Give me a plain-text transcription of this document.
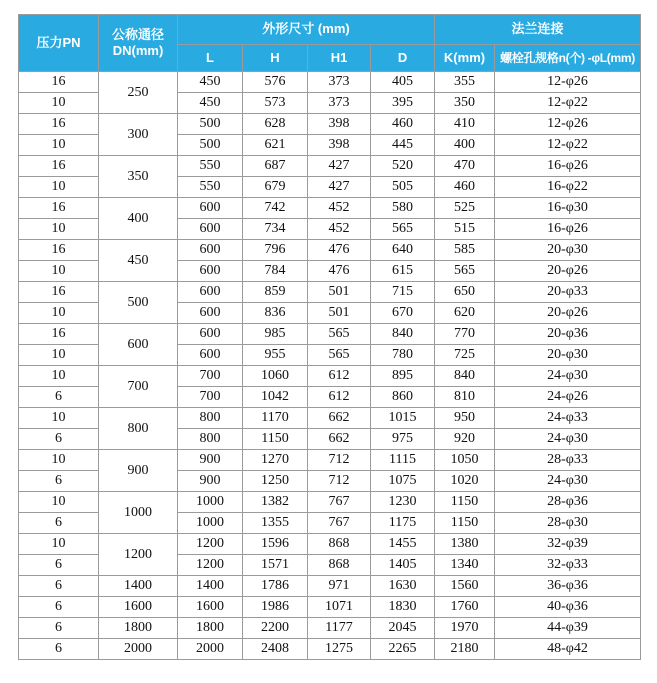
压力PN	公称通径
DN(mm)	外形尺寸 (mm)				法兰连接	
		L	H	H1	D	K(mm)	螺栓孔规格n(个) -φL(mm)
16	250	450	576	373	405	355	12-φ26
10		450	573	373	395	350	12-φ22
16	300	500	628	398	460	410	12-φ26
10		500	621	398	445	400	12-φ22
16	350	550	687	427	520	470	16-φ26
10		550	679	427	505	460	16-φ22
16	400	600	742	452	580	525	16-φ30
10		600	734	452	565	515	16-φ26
16	450	600	796	476	640	585	20-φ30
10		600	784	476	615	565	20-φ26
16	500	600	859	501	715	650	20-φ33
10		600	836	501	670	620	20-φ26
16	600	600	985	565	840	770	20-φ36
10		600	955	565	780	725	20-φ30
10	700	700	1060	612	895	840	24-φ30
6		700	1042	612	860	810	24-φ26
10	800	800	1170	662	1015	950	24-φ33
6		800	1150	662	975	920	24-φ30
10	900	900	1270	712	1115	1050	28-φ33
6		900	1250	712	1075	1020	24-φ30
10	1000	1000	1382	767	1230	1150	28-φ36
6		1000	1355	767	1175	1150	28-φ30
10	1200	1200	1596	868	1455	1380	32-φ39
6		1200	1571	868	1405	1340	32-φ33
6	1400	1400	1786	971	1630	1560	36-φ36
6	1600	1600	1986	1071	1830	1760	40-φ36
6	1800	1800	2200	1177	2045	1970	44-φ39
6	2000	2000	2408	1275	2265	2180	48-φ42
